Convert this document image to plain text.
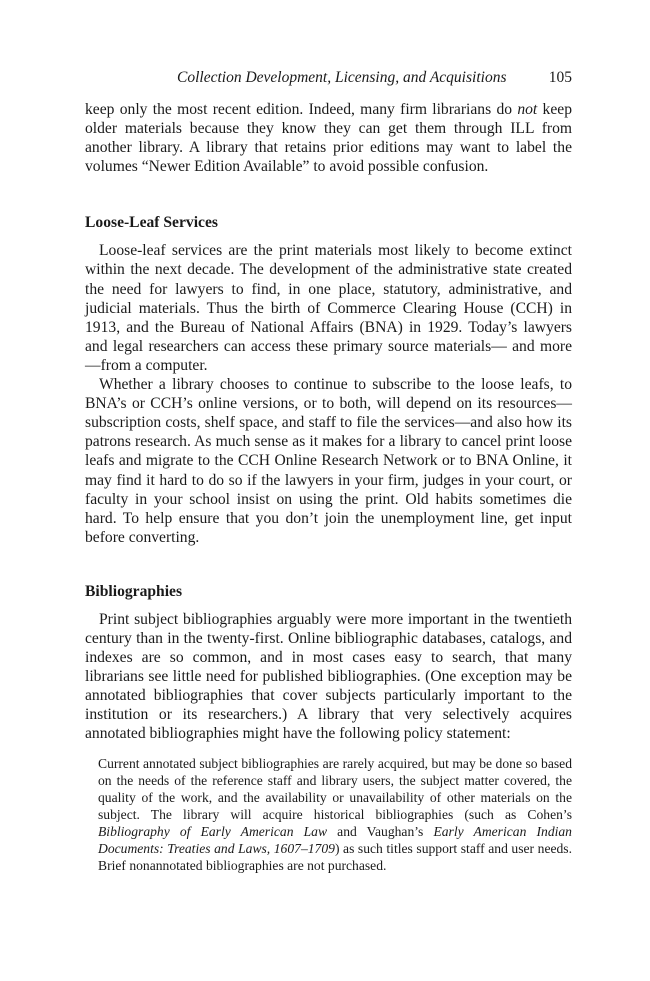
Collection Development, Licensing, and Acquisitions	105

keep only the most recent edition. Indeed, many firm librarians do not keep older materials because they know they can get them through ILL from another library. A library that retains prior editions may want to label the volumes “Newer Edition Available” to avoid possible confusion.

Loose-Leaf Services

Loose-leaf services are the print materials most likely to become extinct within the next decade. The development of the administrative state created the need for lawyers to find, in one place, statutory, administrative, and judicial materials. Thus the birth of Commerce Clearing House (CCH) in 1913, and the Bureau of National Affairs (BNA) in 1929. Today’s lawyers and legal researchers can access these primary source materials— and more—from a computer.

Whether a library chooses to continue to subscribe to the loose leafs, to BNA’s or CCH’s online versions, or to both, will depend on its resources—subscription costs, shelf space, and staff to file the services—and also how its patrons research. As much sense as it makes for a library to cancel print loose leafs and migrate to the CCH Online Research Network or to BNA Online, it may find it hard to do so if the lawyers in your firm, judges in your court, or faculty in your school insist on using the print. Old habits sometimes die hard. To help ensure that you don’t join the unemployment line, get input before converting.

Bibliographies

Print subject bibliographies arguably were more important in the twentieth century than in the twenty-first. Online bibliographic databases, catalogs, and indexes are so common, and in most cases easy to search, that many librarians see little need for published bibliographies. (One exception may be annotated bibliographies that cover subjects particularly important to the institution or its researchers.) A library that very selectively acquires annotated bibliographies might have the following policy statement:

Current annotated subject bibliographies are rarely acquired, but may be done so based on the needs of the reference staff and library users, the subject matter covered, the quality of the work, and the availability or unavailability of other materials on the subject. The library will acquire historical bibliographies (such as Cohen’s Bibliography of Early American Law and Vaughan’s Early American Indian Documents: Treaties and Laws, 1607–1709) as such titles support staff and user needs. Brief nonannotated bibliographies are not purchased.
